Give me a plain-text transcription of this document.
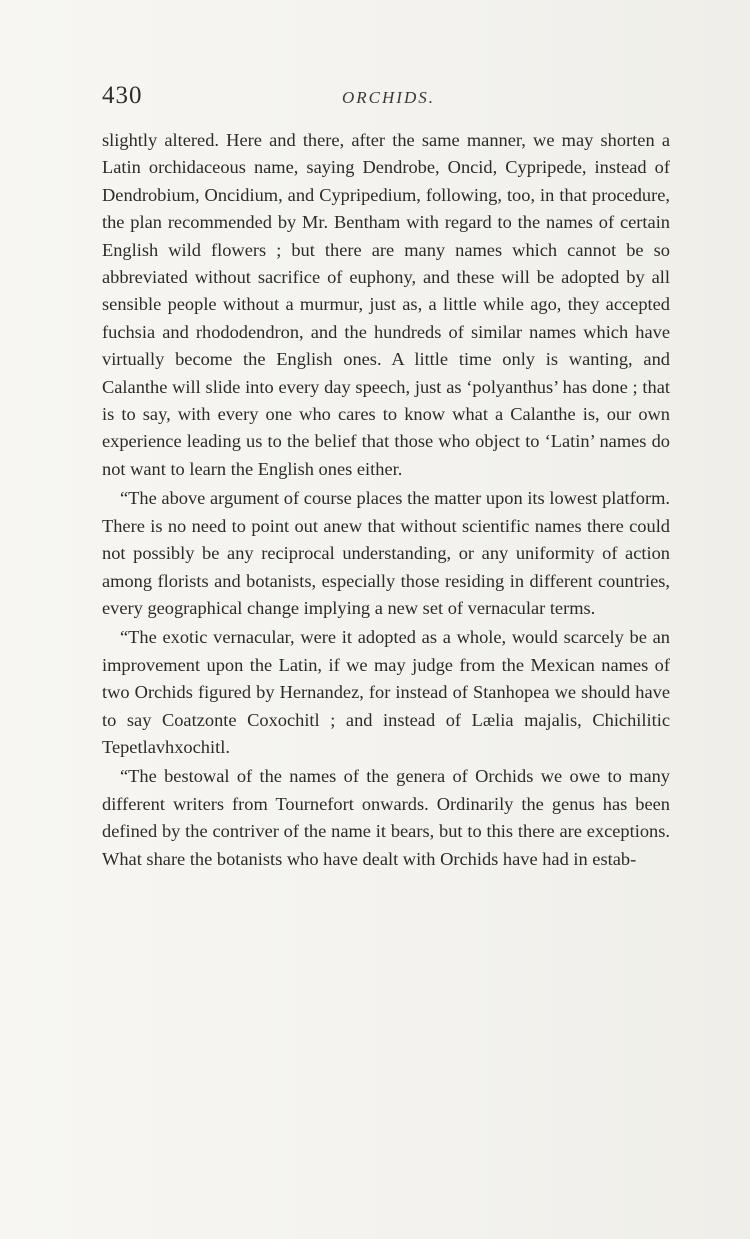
430	ORCHIDS.

slightly altered. Here and there, after the same manner, we may shorten a Latin orchidaceous name, saying Dendrobe, Oncid, Cypripede, instead of Dendrobium, Oncidium, and Cypripedium, following, too, in that procedure, the plan recommended by Mr. Bentham with regard to the names of certain English wild flowers ; but there are many names which cannot be so abbreviated without sacrifice of euphony, and these will be adopted by all sensible people without a murmur, just as, a little while ago, they accepted fuchsia and rhododendron, and the hundreds of similar names which have virtually become the English ones. A little time only is wanting, and Calanthe will slide into every day speech, just as ‘polyanthus’ has done ; that is to say, with every one who cares to know what a Calanthe is, our own experience leading us to the belief that those who object to ‘Latin’ names do not want to learn the English ones either.

“The above argument of course places the matter upon its lowest platform. There is no need to point out anew that without scientific names there could not possibly be any reciprocal understanding, or any uniformity of action among florists and botanists, especially those residing in different countries, every geographical change implying a new set of vernacular terms.

“The exotic vernacular, were it adopted as a whole, would scarcely be an improvement upon the Latin, if we may judge from the Mexican names of two Orchids figured by Hernandez, for instead of Stanhopea we should have to say Coatzonte Coxochitl ; and instead of Lælia majalis, Chichilitic Tepetlavhxochitl.

“The bestowal of the names of the genera of Orchids we owe to many different writers from Tournefort onwards. Ordinarily the genus has been defined by the contriver of the name it bears, but to this there are exceptions. What share the botanists who have dealt with Orchids have had in estab-
